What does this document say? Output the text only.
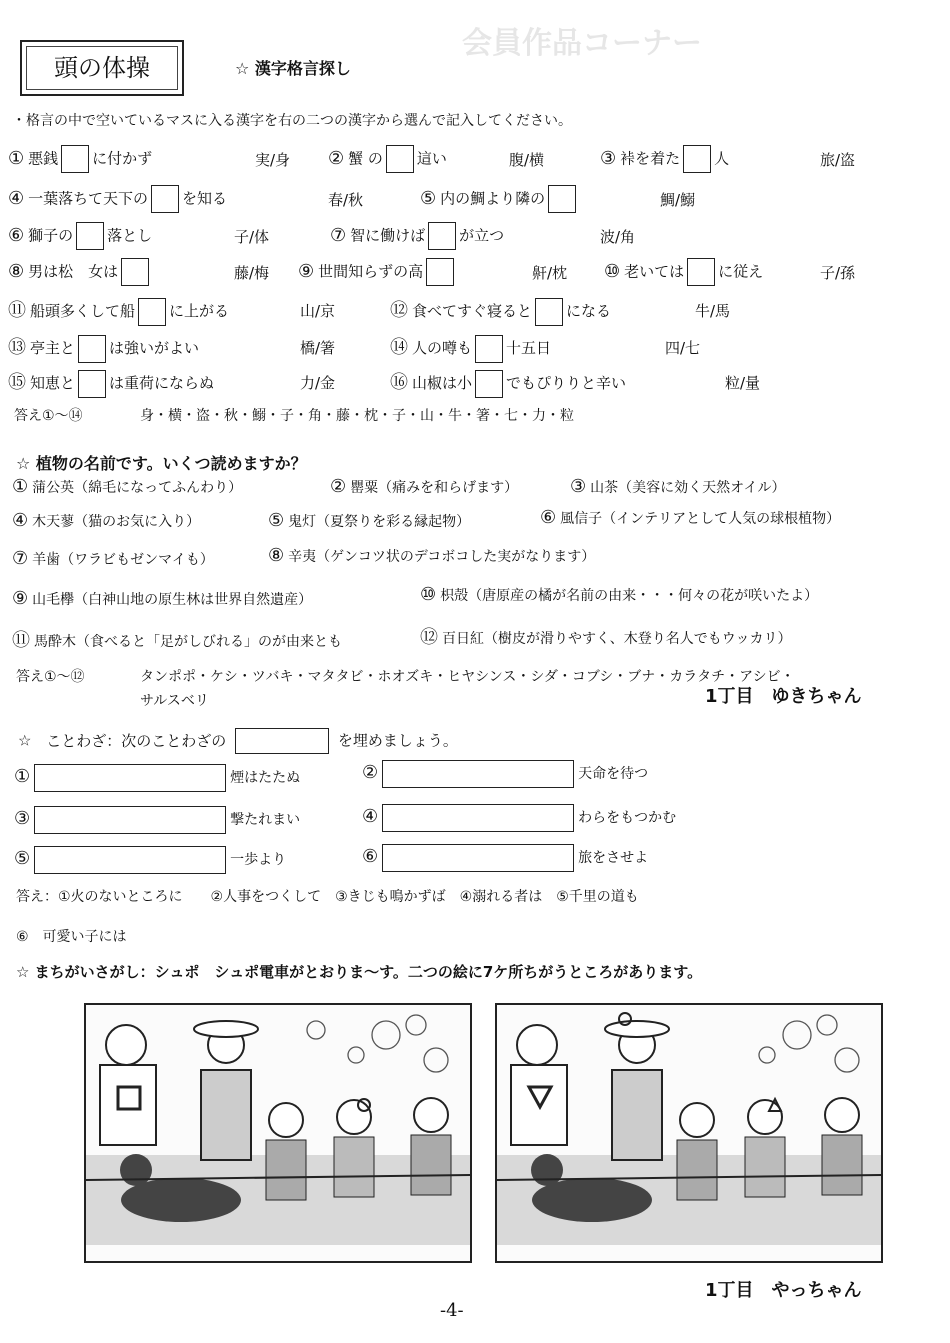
会員作品コーナー
頭の体操	☆ 漢字格言探し
・格言の中で空いているマスに入る漢字を右の二つの漢字から選んで記入してください。
① 悪銭 に付かず	実/身 ② 蟹 の 這い	腹/横	③ 裃を着た 人	旅/盗
④ 一葉落ちて天下の を知る	春/秋	⑤ 内の鯛より隣の	鯛/鰯
⑥ 獅子の 落とし	子/体	⑦ 智に働けば が立つ	波/角
⑧ 男は松　女は	藤/梅 ⑨ 世間知らずの高	鼾/枕 ⑩ 老いては に従え	子/孫
⑪ 船頭多くして船 に上がる	山/京	⑫ 食べてすぐ寝ると になる	牛/馬
⑬ 亭主と は強いがよい	橋/箸	⑭ 人の噂も 十五日	四/七
⑮ 知恵と は重荷にならぬ	力/金	⑯ 山椒は小 でもぴりりと辛い	粒/量
答え①～⑭	身・横・盗・秋・鰯・子・角・藤・枕・子・山・牛・箸・七・力・粒
☆ 植物の名前です。いくつ読めますか？
① 蒲公英（綿毛になってふんわり）	② 罌粟（痛みを和らげます）	③ 山茶（美容に効く天然オイル）
④ 木天蓼（猫のお気に入り）	⑤ 鬼灯（夏祭りを彩る縁起物）	⑥ 風信子（インテリアとして人気の球根植物）
⑦ 羊歯（ワラビもゼンマイも）	⑧ 辛夷（ゲンコツ状のデコボコした実がなります）
⑨ 山毛欅（白神山地の原生林は世界自然遺産）	⑩ 枳殻（唐原産の橘が名前の由来・・・何々の花が咲いたよ）
⑪ 馬酔木（食べると「足がしびれる」のが由来とも	⑫ 百日紅（樹皮が滑りやすく、木登り名人でもウッカリ）
答え①～⑫	タンポポ・ケシ・ツバキ・マタタビ・ホオズキ・ヒヤシンス・シダ・コブシ・ブナ・カラタチ・アシビ・
サルスベリ	1丁目　ゆきちゃん
☆ ことわざ：次のことわざの	を埋めましょう。
①	煙はたたぬ	②	天命を待つ
③	撃たれまい	④	わらをもつかむ
⑤	一歩より	⑥	旅をさせよ
答え：①火のないところに　　②人事をつくして　③きじも鳴かずば　④溺れる者は　⑤千里の道も
⑥　可愛い子には
☆ まちがいさがし：シュポ　シュポ電車がとおりま～す。二つの絵に7ケ所ちがうところがあります。
1丁目　やっちゃん
-4-
